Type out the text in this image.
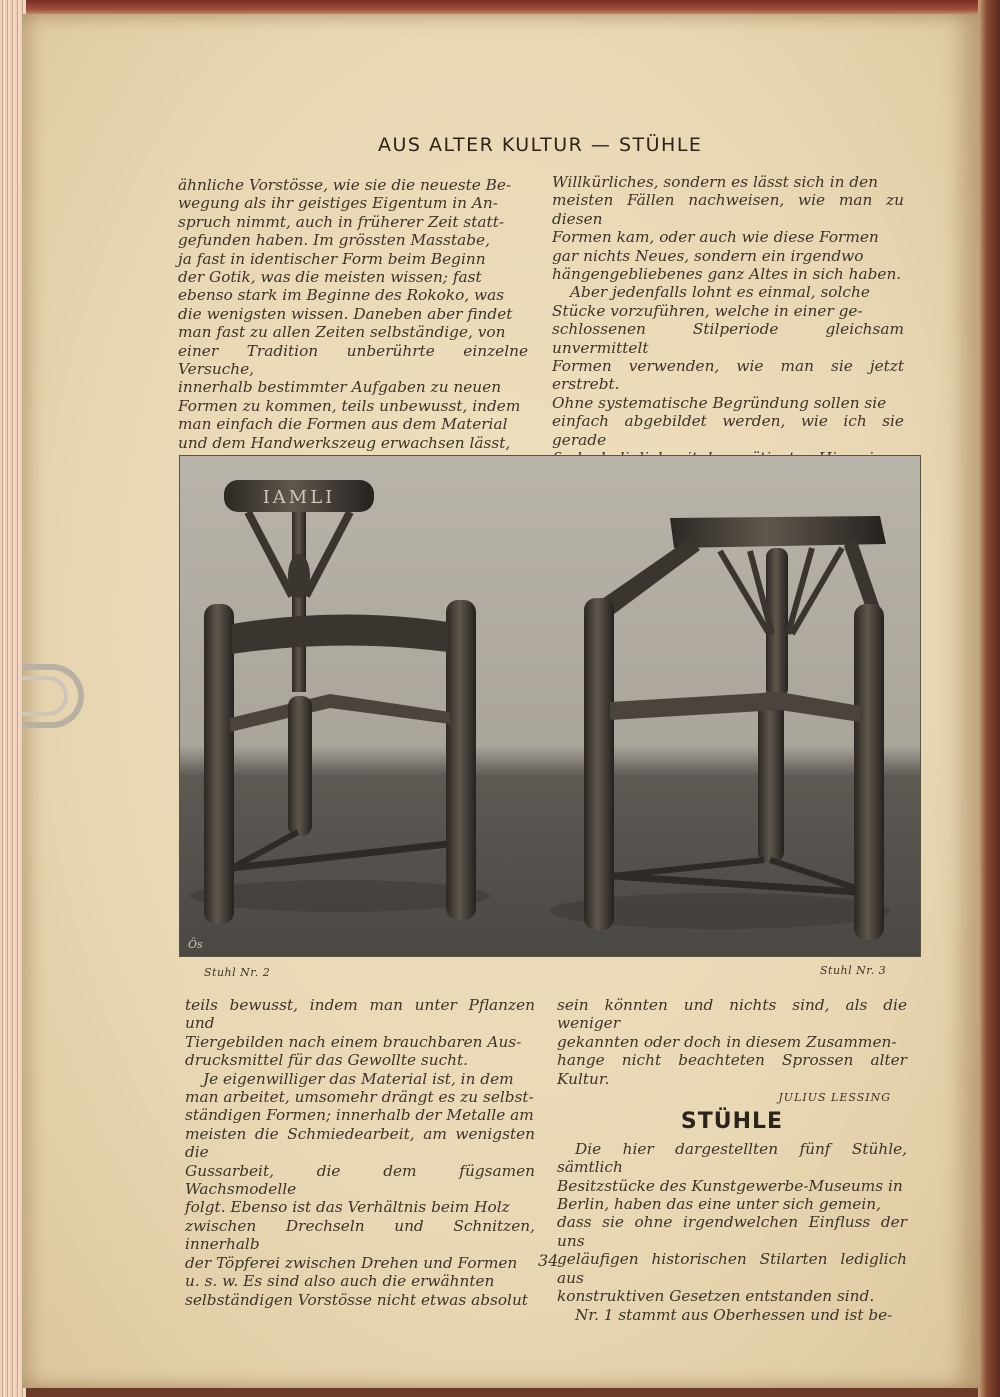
AUS ALTER KULTUR — STÜHLE

ähnliche Vorstösse, wie sie die neueste Be-

wegung als ihr geistiges Eigentum in An-

spruch nimmt, auch in früherer Zeit statt-

gefunden haben. Im grössten Masstabe,

ja fast in identischer Form beim Beginn

der Gotik, was die meisten wissen; fast

ebenso stark im Beginne des Rokoko, was

die wenigsten wissen. Daneben aber findet

man fast zu allen Zeiten selbständige, von

einer Tradition unberührte einzelne Versuche,

innerhalb bestimmter Aufgaben zu neuen

Formen zu kommen, teils unbewusst, indem

man einfach die Formen aus dem Material

und dem Handwerkszeug erwachsen lässt,

Willkürliches, sondern es lässt sich in den

meisten Fällen nachweisen, wie man zu diesen

Formen kam, oder auch wie diese Formen

gar nichts Neues, sondern ein irgendwo

hängengebliebenes ganz Altes in sich haben.

Aber jedenfalls lohnt es einmal, solche

Stücke vorzuführen, welche in einer ge-

schlossenen Stilperiode gleichsam unvermittelt

Formen verwenden, wie man sie jetzt erstrebt.

Ohne systematische Begründung sollen sie

einfach abgebildet werden, wie ich sie gerade

IAMLI
Ös
Stuhl Nr. 2	Stuhl Nr. 3

teils bewusst, indem man unter Pflanzen und

Tiergebilden nach einem brauchbaren Aus-

drucksmittel für das Gewollte sucht.

Je eigenwilliger das Material ist, in dem

man arbeitet, umsomehr drängt es zu selbst-

ständigen Formen; innerhalb der Metalle am

meisten die Schmiedearbeit, am wenigsten die

Gussarbeit, die dem fügsamen Wachsmodelle

folgt. Ebenso ist das Verhältnis beim Holz

zwischen Drechseln und Schnitzen, innerhalb

der Töpferei zwischen Drehen und Formen

u. s. w. Es sind also auch die erwähnten

selbständigen Vorstösse nicht etwas absolut

sein könnten und nichts sind, als die weniger

gekannten oder doch in diesem Zusammen-

hange nicht beachteten Sprossen alter Kultur.

JULIUS LESSING
STÜHLE

Die hier dargestellten fünf Stühle, sämtlich

Besitzstücke des Kunstgewerbe-Museums in

Berlin, haben das eine unter sich gemein,

dass sie ohne irgendwelchen Einfluss der uns

geläufigen historischen Stilarten lediglich aus

konstruktiven Gesetzen entstanden sind.

Nr. 1 stammt aus Oberhessen und ist be-

34
